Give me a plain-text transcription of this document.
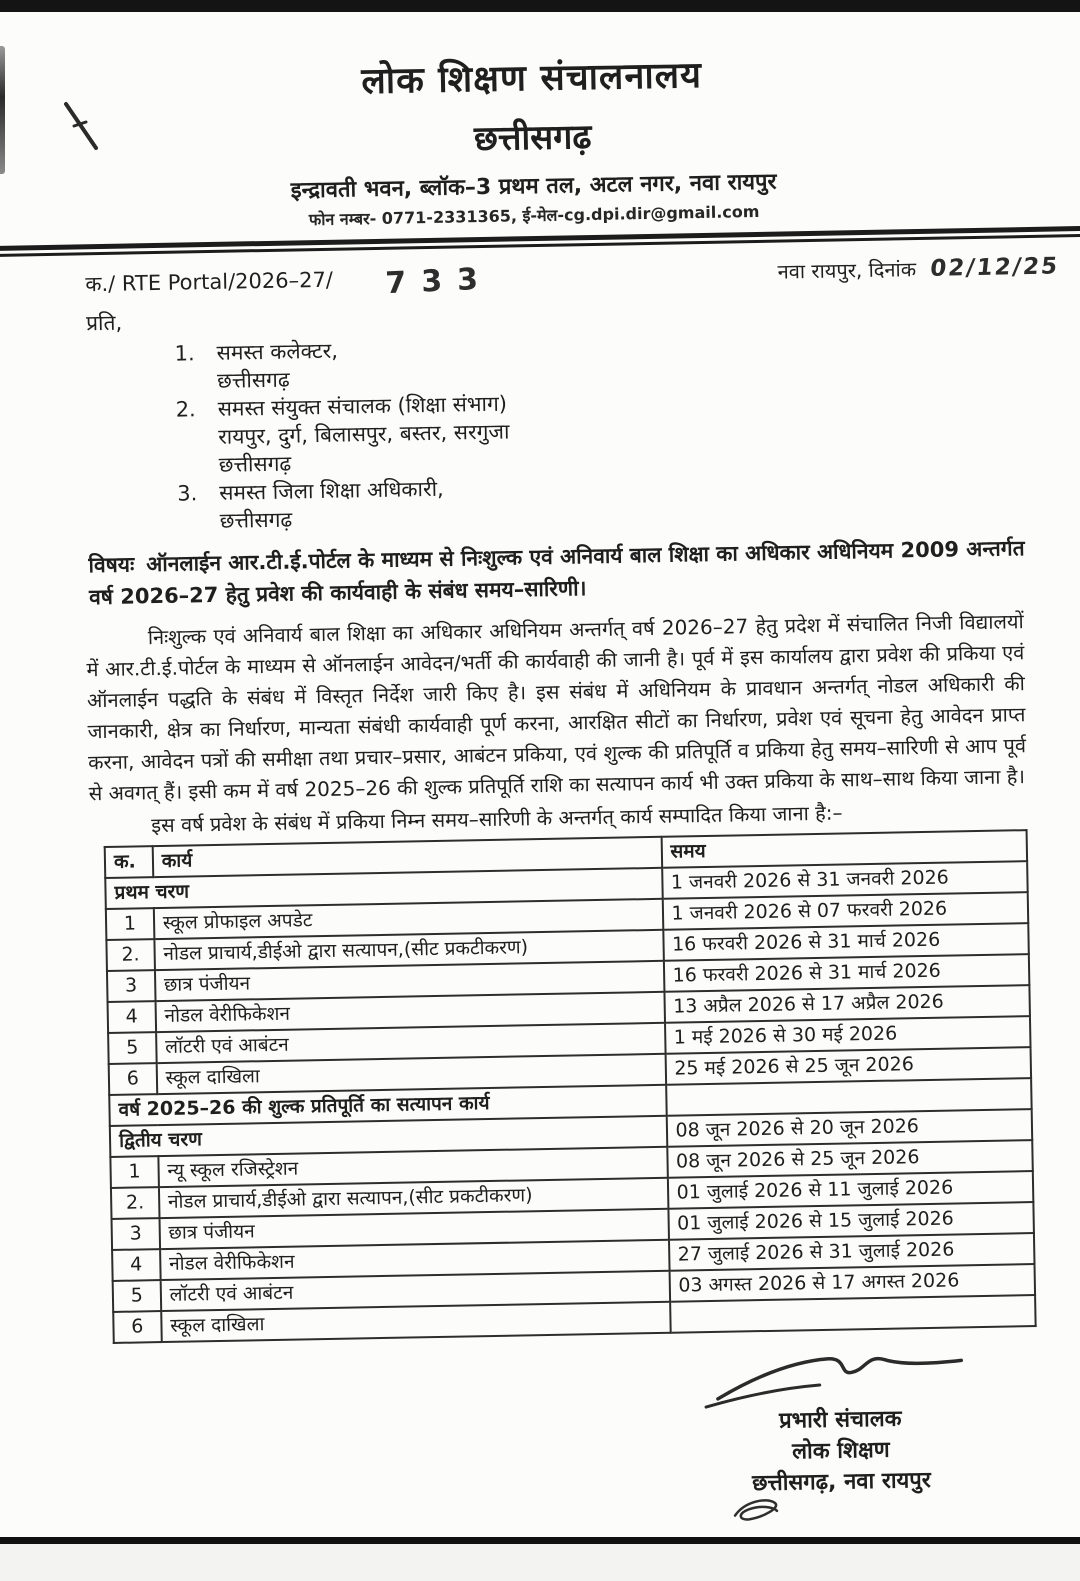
लोक शिक्षण संचालनालय
छत्तीसगढ़
इन्द्रावती भवन, ब्लॉक–3 प्रथम तल, अटल नगर, नवा रायपुर
फोन नम्बर- 0771-2331365, ई-मेल-cg.dpi.dir@gmail.com
क./ RTE Portal/2026–27/ 733	नवा रायपुर, दिनांक 02/12/25
प्रति,
1.	समस्त कलेक्टर,
छत्तीसगढ़
2.	समस्त संयुक्त संचालक (शिक्षा संभाग)
रायपुर, दुर्ग, बिलासपुर, बस्तर, सरगुजा
छत्तीसगढ़
3.	समस्त जिला शिक्षा अधिकारी,
छत्तीसगढ़

विषयः ऑनलाईन आर.टी.ई.पोर्टल के माध्यम से निःशुल्क एवं अनिवार्य बाल शिक्षा का अधिकार अधिनियम 2009 अन्तर्गत वर्ष 2026–27 हेतु प्रवेश की कार्यवाही के संबंध समय–सारिणी।

निःशुल्क एवं अनिवार्य बाल शिक्षा का अधिकार अधिनियम अन्तर्गत् वर्ष 2026–27 हेतु प्रदेश में संचालित निजी विद्यालयों में आर.टी.ई.पोर्टल के माध्यम से ऑनलाईन आवेदन/भर्ती की कार्यवाही की जानी है। पूर्व में इस कार्यालय द्वारा प्रवेश की प्रकिया एवं ऑनलाईन पद्धति के संबंध में विस्तृत निर्देश जारी किए है। इस संबंध में अधिनियम के प्रावधान अन्तर्गत् नोडल अधिकारी की जानकारी, क्षेत्र का निर्धारण, मान्यता संबंधी कार्यवाही पूर्ण करना, आरक्षित सीटों का निर्धारण, प्रवेश एवं सूचना हेतु आवेदन प्राप्त करना, आवेदन पत्रों की समीक्षा तथा प्रचार–प्रसार, आबंटन प्रकिया, एवं शुल्क की प्रतिपूर्ति व प्रकिया हेतु समय–सारिणी से आप पूर्व से अवगत् हैं। इसी कम में वर्ष 2025–26 की शुल्क प्रतिपूर्ति राशि का सत्यापन कार्य भी उक्त प्रकिया के साथ–साथ किया जाना है।

इस वर्ष प्रवेश के संबंध में प्रकिया निम्न समय–सारिणी के अन्तर्गत् कार्य सम्पादित किया जाना है:–

क.	कार्य	समय
प्रथम चरण		1 जनवरी 2026 से 31 जनवरी 2026
1	स्कूल प्रोफाइल अपडेट	1 जनवरी 2026 से 07 फरवरी 2026
2.	नोडल प्राचार्य,डीईओ द्वारा सत्यापन,(सीट प्रकटीकरण)	16 फरवरी 2026 से 31 मार्च 2026
3	छात्र पंजीयन	16 फरवरी 2026 से 31 मार्च 2026
4	नोडल वेरीफिकेशन	13 अप्रैल 2026 से 17 अप्रैल 2026
5	लॉटरी एवं आबंटन	1 मई 2026 से 30 मई 2026
6	स्कूल दाखिला	25 मई 2026 से 25 जून 2026
वर्ष 2025–26 की शुल्क प्रतिपूर्ति का सत्यापन कार्य		
द्वितीय चरण		08 जून 2026 से 20 जून 2026
1	न्यू स्कूल रजिस्ट्रेशन	08 जून 2026 से 25 जून 2026
2.	नोडल प्राचार्य,डीईओ द्वारा सत्यापन,(सीट प्रकटीकरण)	01 जुलाई 2026 से 11 जुलाई 2026
3	छात्र पंजीयन	01 जुलाई 2026 से 15 जुलाई 2026
4	नोडल वेरीफिकेशन	27 जुलाई 2026 से 31 जुलाई 2026
5	लॉटरी एवं आबंटन	03 अगस्त 2026 से 17 अगस्त 2026
6	स्कूल दाखिला	
प्रभारी संचालक
लोक शिक्षण
छत्तीसगढ़, नवा रायपुर
